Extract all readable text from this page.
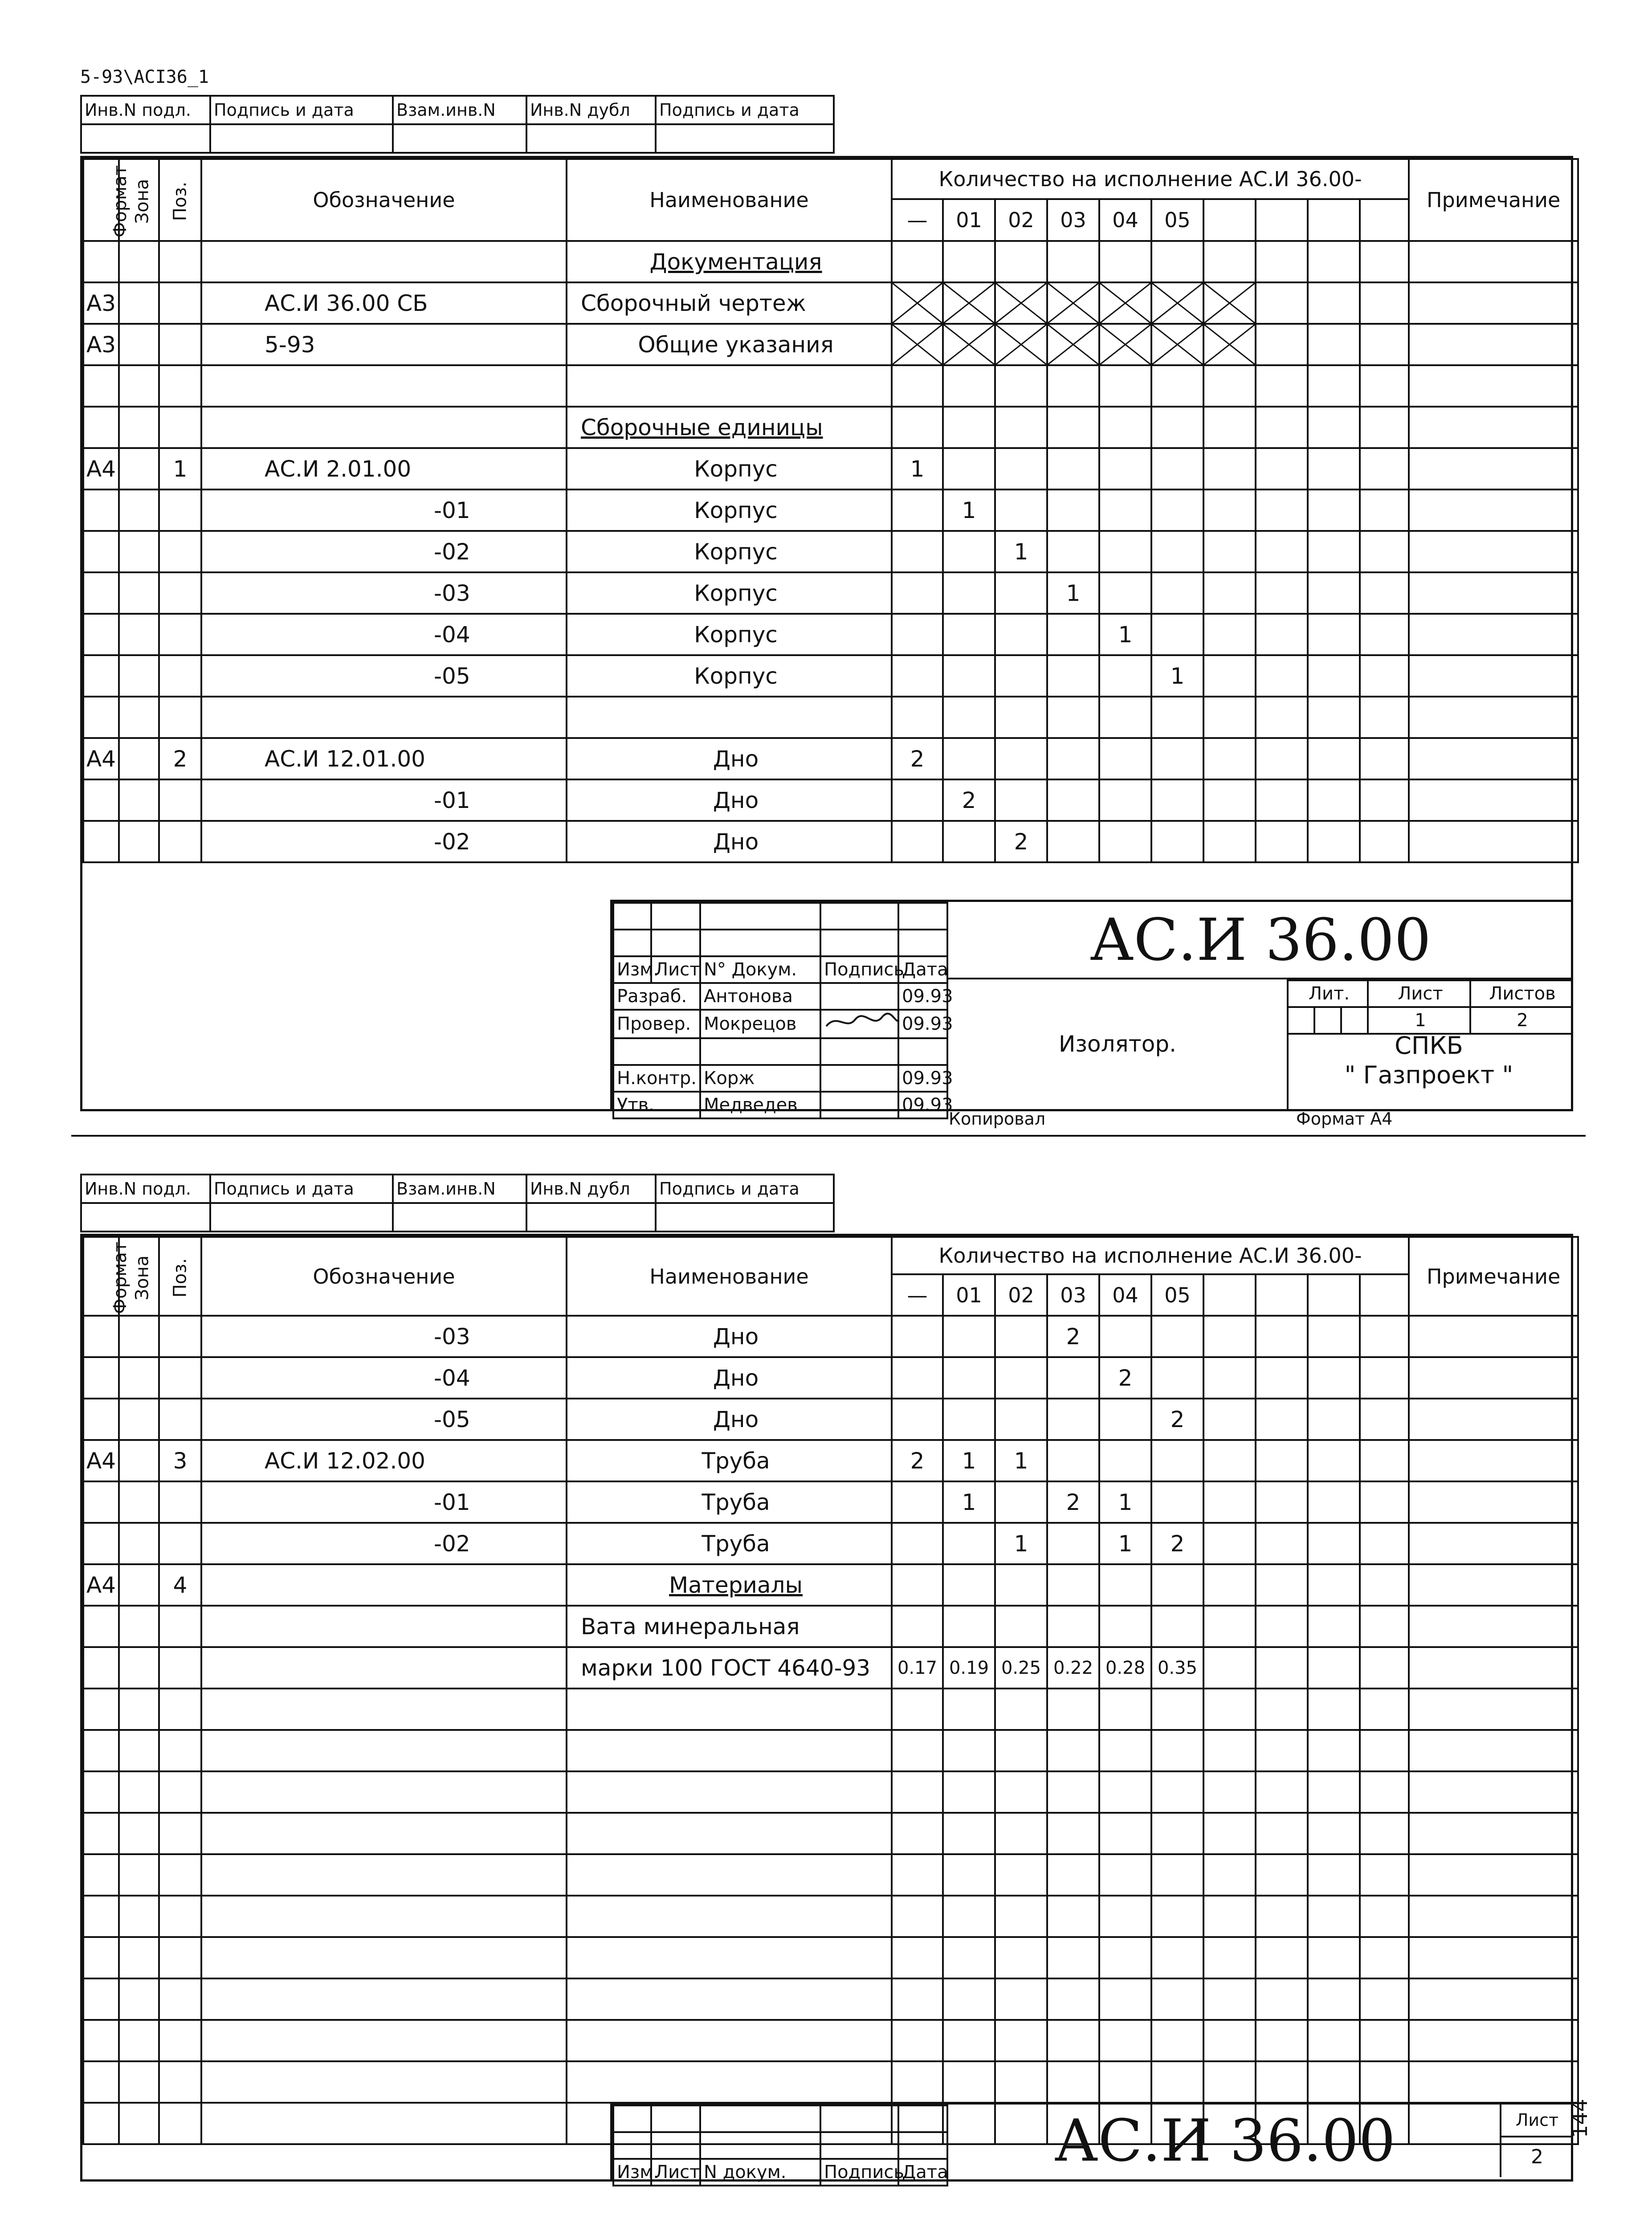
5-93\ACI36_1
Инв.N подл.	Подпись и дата	Взам.инв.N	Инв.N дубл	Подпись и дата

Формат	Зона	Поз.	Обозначение	Наименование	Количество на исполнение АС.И 36.00-										Примечание
					—	01	02	03	04	05					
				Документация											
А3			АС.И 36.00 СБ	Сборочный чертеж	

А3			5-93	Общие указания	

				Сборочные единицы											
А4		1	АС.И 2.01.00	Корпус	1										
			-01	Корпус		1									
			-02	Корпус			1								
			-03	Корпус				1							
			-04	Корпус					1						
			-05	Корпус						1					

А4		2	АС.И 12.01.00	Дно	2										
			-01	Дно		2									
			-02	Дно			2								

Изм.	Лист	N° Докум.	Подпись	Дата
Разраб.		Антонова		09.93
Провер.		Мокрецов		09.93

Н.контр.		Корж		09.93
Утв.		Медведев		09.93
АС.И 36.00
Изолятор.
Лит.			Лист	Листов
			1	2
СПКБ
" Газпроект "
Копировал	Формат А4
Инв.N подл.	Подпись и дата	Взам.инв.N	Инв.N дубл	Подпись и дата

Формат	Зона	Поз.	Обозначение	Наименование	Количество на исполнение АС.И 36.00-										Примечание
					—	01	02	03	04	05					
			-03	Дно				2							
			-04	Дно					2						
			-05	Дно						2					
А4		3	АС.И 12.02.00	Труба	2	1	1								
			-01	Труба		1		2	1						
			-02	Труба			1		1	2					
А4		4		Материалы											
				Вата минеральная											
				марки 100 ГОСТ 4640-93	0.17	0.19	0.25	0.22	0.28	0.35					

Изм.	Лист	N докум.	Подпись	Дата	АС.И 36.00	Лист
2
144
